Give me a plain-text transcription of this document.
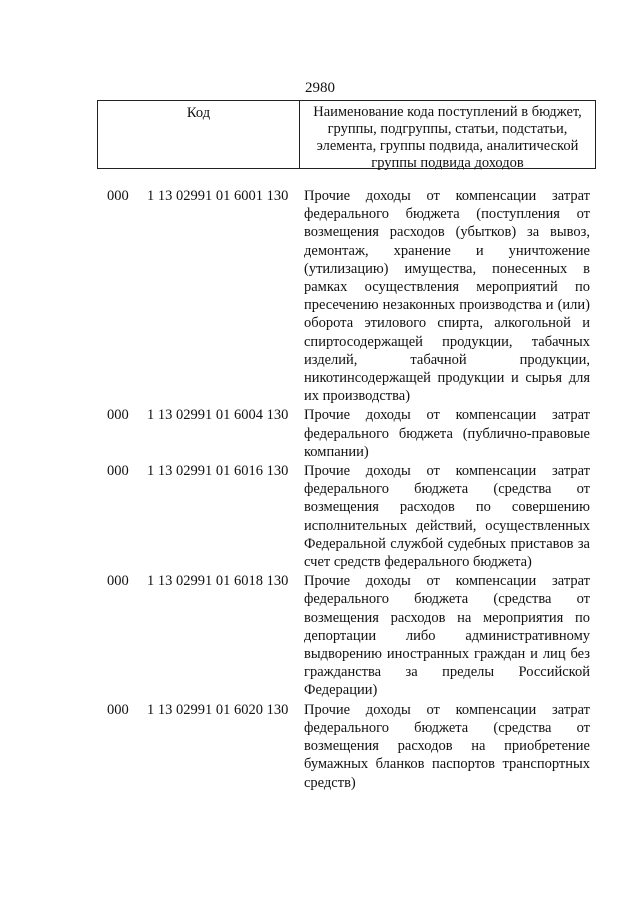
2980
Код	Наименование кода поступлений в бюджет, группы, подгруппы, статьи, подстатьи, элемента, группы подвида, аналитической группы подвида доходов
000 1 13 02991 01 6001 130 Прочие доходы от компенсации затрат федерального бюджета (поступления от возмещения расходов (убытков) за вывоз, демонтаж, хранение и уничтожение (утилизацию) имущества, понесенных в рамках осуществления мероприятий по пресечению незаконных производства и (или) оборота этилового спирта, алкогольной и спиртосодержащей продукции, табачных изделий, табачной продукции, никотинсодержащей продукции и сырья для их производства)
000 1 13 02991 01 6004 130 Прочие доходы от компенсации затрат федерального бюджета (публично-правовые компании)
000 1 13 02991 01 6016 130 Прочие доходы от компенсации затрат федерального бюджета (средства от возмещения расходов по совершению исполнительных действий, осуществленных Федеральной службой судебных приставов за счет средств федерального бюджета)
000 1 13 02991 01 6018 130 Прочие доходы от компенсации затрат федерального бюджета (средства от возмещения расходов на мероприятия по депортации либо административному выдворению иностранных граждан и лиц без гражданства за пределы Российской Федерации)
000 1 13 02991 01 6020 130 Прочие доходы от компенсации затрат федерального бюджета (средства от возмещения расходов на приобретение бумажных бланков паспортов транспортных средств)
